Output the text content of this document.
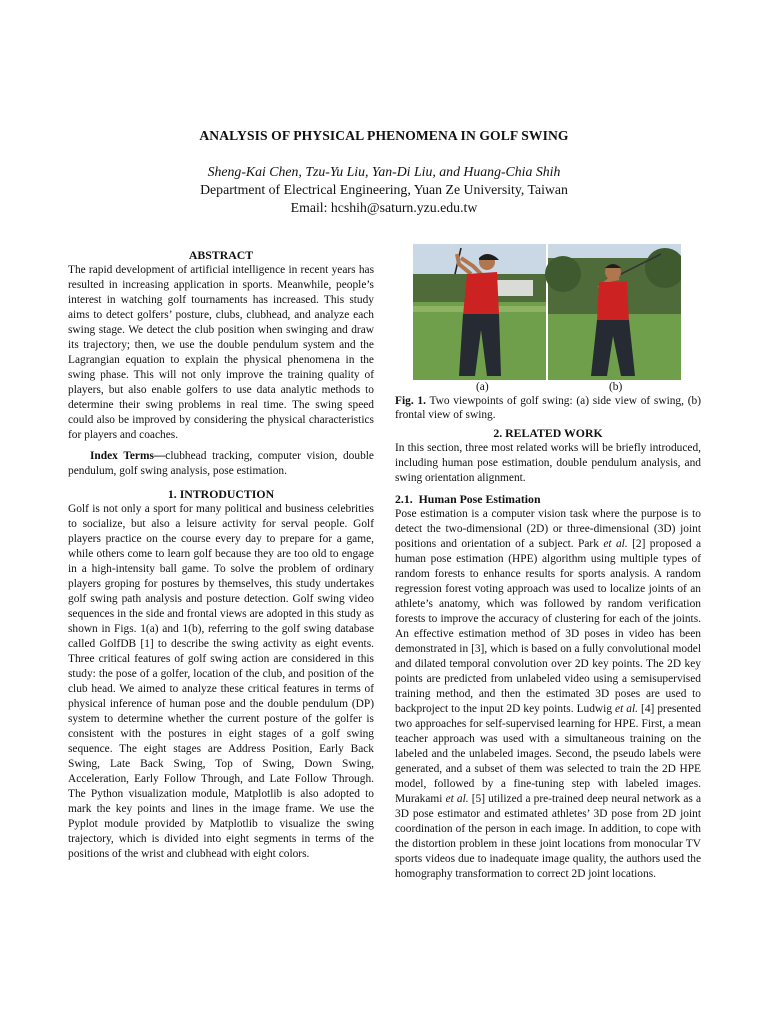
ANALYSIS OF PHYSICAL PHENOMENA IN GOLF SWING
Sheng-Kai Chen, Tzu-Yu Liu, Yan-Di Liu, and Huang-Chia Shih
Department of Electrical Engineering, Yuan Ze University, Taiwan
Email: hcshih@saturn.yzu.edu.tw

ABSTRACT

The rapid development of artificial intelligence in recent years has resulted in increasing application in sports. Meanwhile, people’s interest in watching golf tournaments has increased. This study aims to detect golfers’ posture, clubs, clubhead, and analyze each swing stage. We detect the club position when swinging and draw its trajectory; then, we use the double pendulum system and the Lagrangian equation to explain the physical phenomena in the swing phase. This will not only improve the training quality of players, but also enable golfers to use data analytic methods to determine their swing problems in real time. The swing speed could also be improved by considering the physical characteristics for players and coaches.

Index Terms—clubhead tracking, computer vision, double pendulum, golf swing analysis, pose estimation.

1. INTRODUCTION

Golf is not only a sport for many political and business celebrities to socialize, but also a leisure activity for serval people. Golf players practice on the course every day to prepare for a game, while others come to learn golf because they are too old to engage in a high-intensity ball game. To solve the problem of ordinary players groping for postures by themselves, this study undertakes golf swing path analysis and posture detection. Golf swing video sequences in the side and frontal views are adopted in this study as shown in Figs. 1(a) and 1(b), referring to the golf swing database called GolfDB [1] to describe the swing activity as eight events. Three critical features of golf swing action are considered in this study: the pose of a golfer, location of the club, and position of the club head. We aimed to analyze these critical features in terms of physical inference of human pose and the double pendulum (DP) system to determine whether the current posture of the golfer is consistent with the postures in eight stages of a golf swing sequence. The eight stages are Address Position, Early Back Swing, Late Back Swing, Top of Swing, Down Swing, Acceleration, Early Follow Through, and Late Follow Through. The Python visualization module, Matplotlib is also adopted to mark the key points and lines in the image frame. We use the Pyplot module provided by Matplotlib to visualize the swing trajectory, which is divided into eight segments in terms of the positions of the wrist and clubhead with eight colors.

(a)	(b)

Fig. 1. Two viewpoints of golf swing: (a) side view of swing, (b) frontal view of swing.

2. RELATED WORK

In this section, three most related works will be briefly introduced, including human pose estimation, double pendulum analysis, and swing orientation alignment.

2.1. Human Pose Estimation

Pose estimation is a computer vision task where the purpose is to detect the two-dimensional (2D) or three-dimensional (3D) joint positions and orientation of a subject. Park et al. [2] proposed a human pose estimation (HPE) algorithm using multiple types of random forests to enhance results for sports analysis. A random regression forest voting approach was used to localize joints of an athlete’s anatomy, which was followed by random verification forests to improve the accuracy of clustering for each of the joints. An effective estimation method of 3D poses in video has been demonstrated in [3], which is based on a fully convolutional model and dilated temporal convolution over 2D key points. The 2D key points are predicted from unlabeled video using a semisupervised training method, and then the estimated 3D poses are used to backproject to the input 2D key points. Ludwig et al. [4] presented two approaches for self-supervised learning for HPE. First, a mean teacher approach was used with a simultaneous training on the labeled and the unlabeled images. Second, the pseudo labels were generated, and a subset of them was selected to train the 2D HPE model, followed by a fine-tuning step with labeled images. Murakami et al. [5] utilized a pre-trained deep neural network as a 3D pose estimator and estimated athletes’ 3D pose from 2D joint coordination of the person in each image. In addition, to cope with the distortion problem in these joint locations from monocular TV sports videos due to inadequate image quality, the authors used the homography transformation to correct 2D joint locations.
